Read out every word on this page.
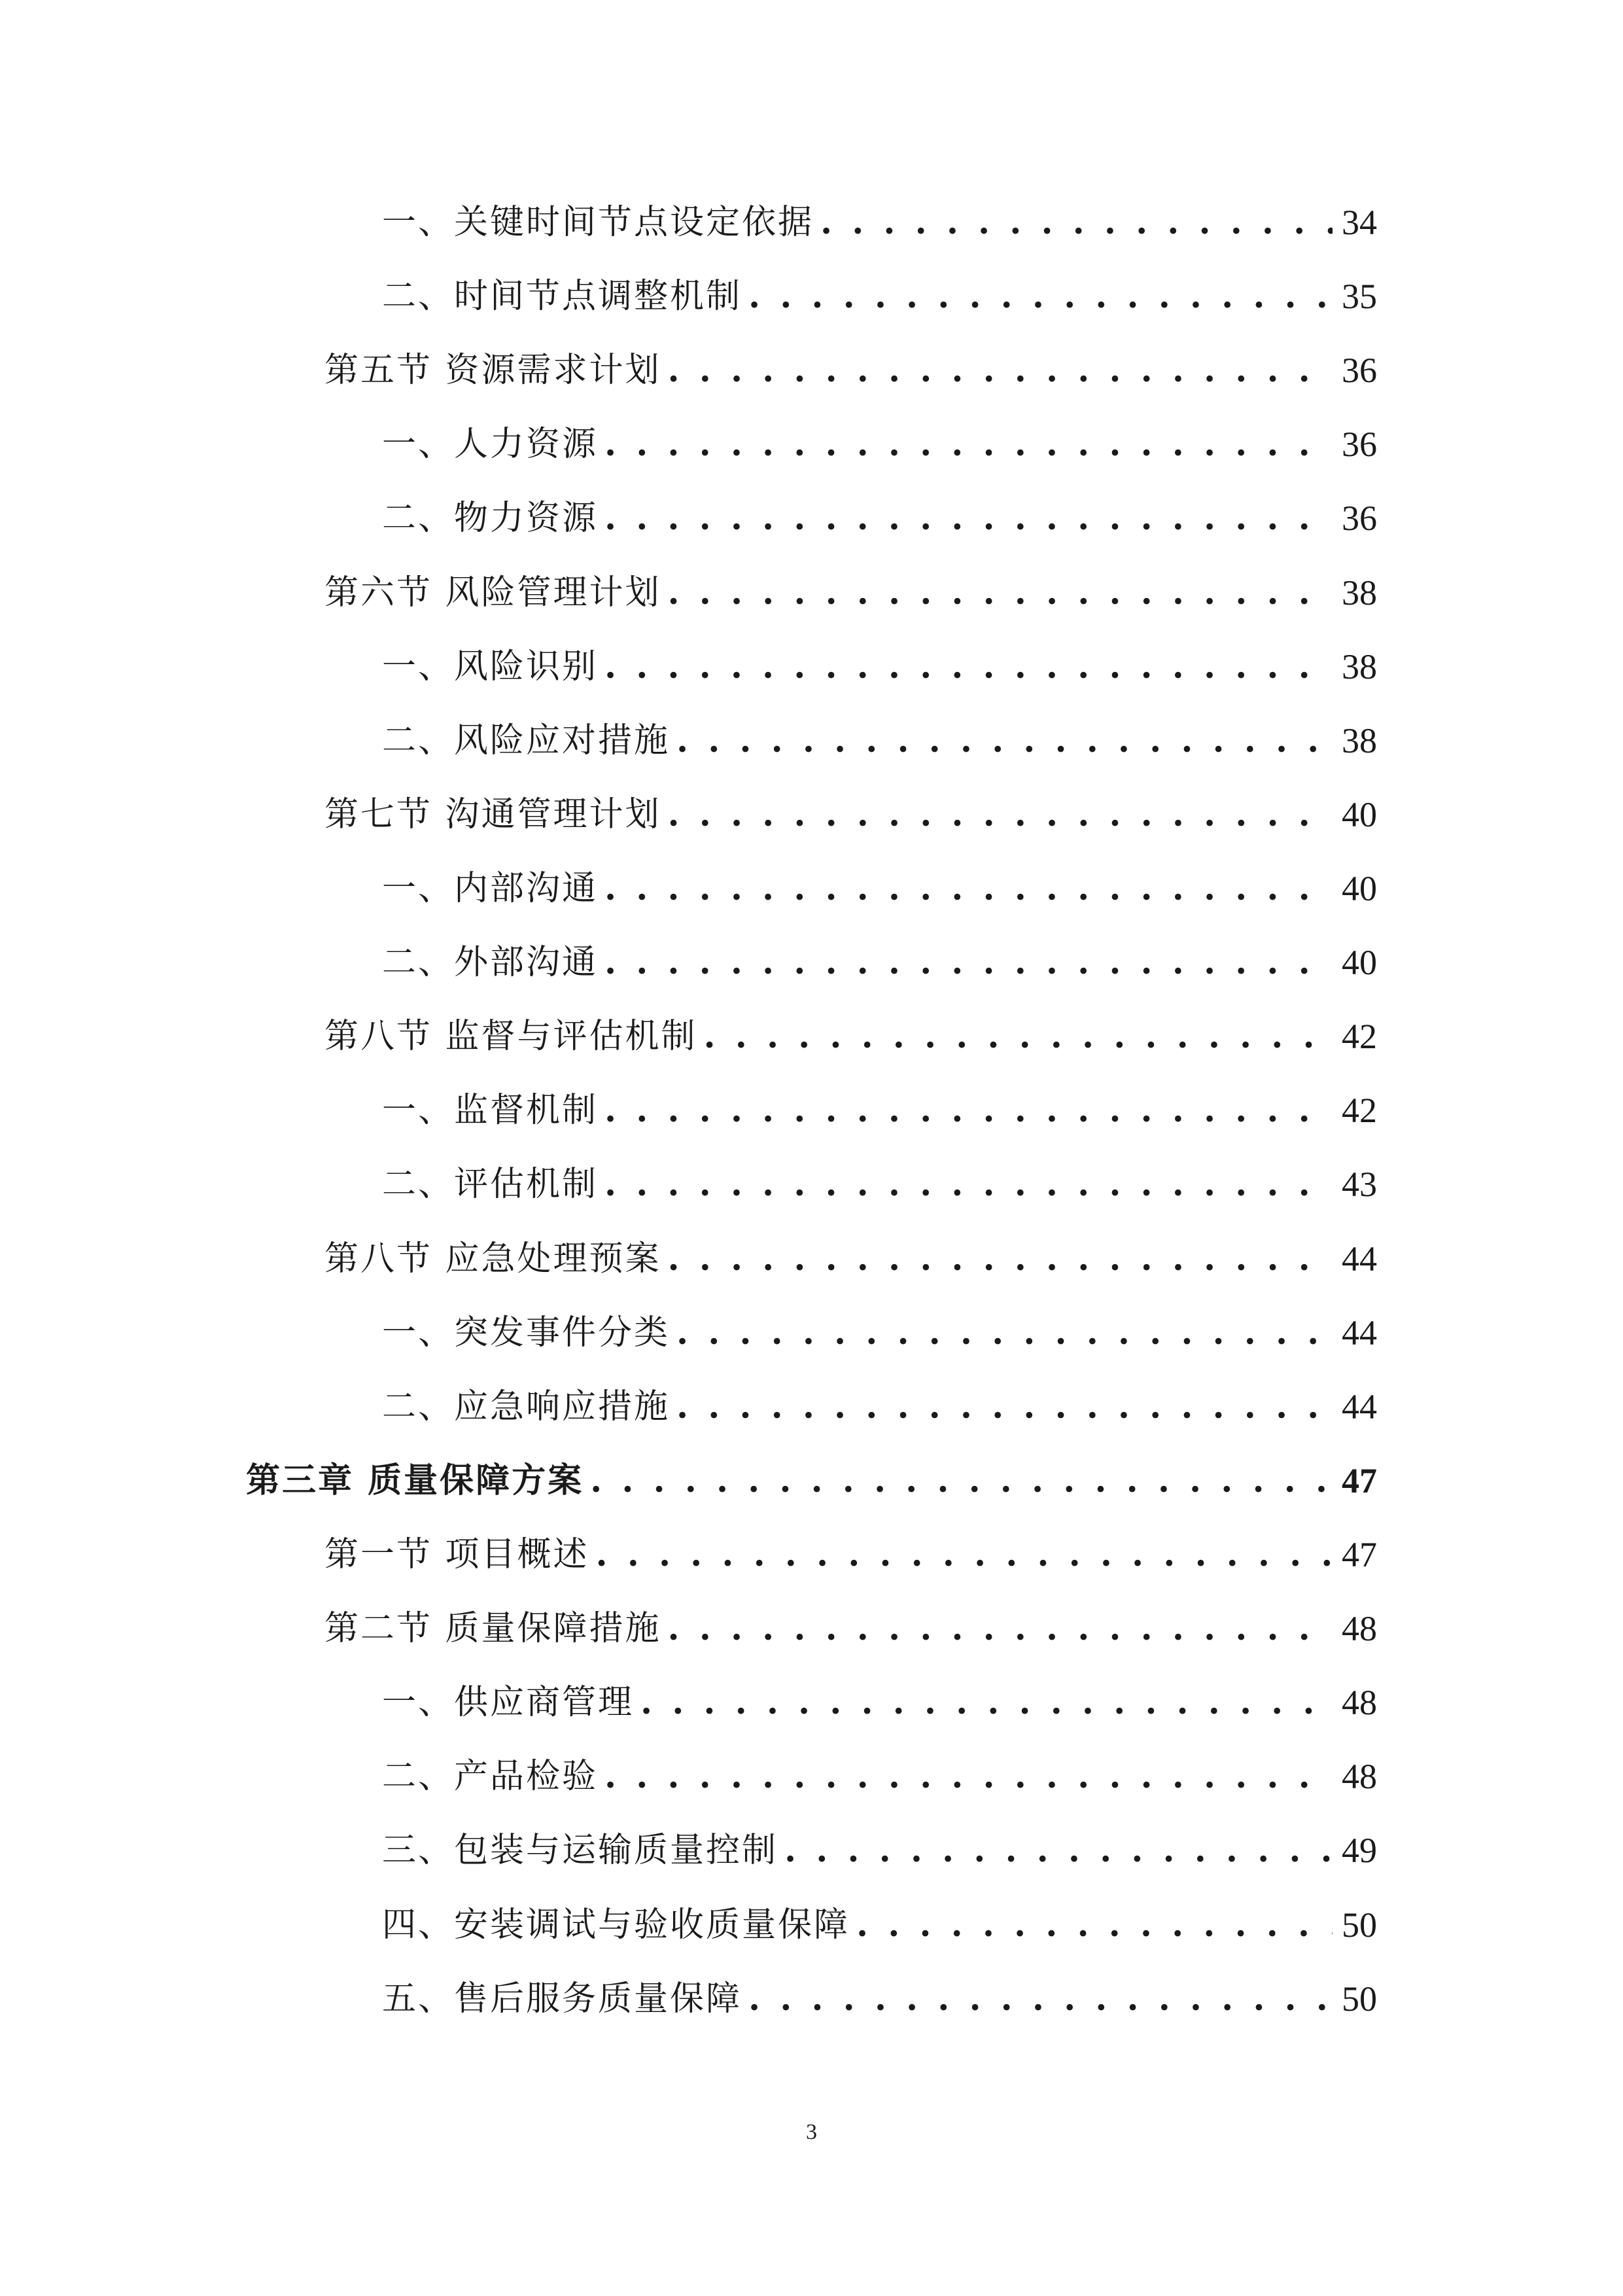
一、关键时间节点设定依据 . . .	34
二、时间节点调整机制 . . .	35
第五节 资源需求计划 . . .	36
一、人力资源 . . .	36
二、物力资源 . . .	36
第六节 风险管理计划 . . .	38
一、风险识别 . . .	38
二、风险应对措施 . . .	38
第七节 沟通管理计划 . . .	40
一、内部沟通 . . .	40
二、外部沟通 . . .	40
第八节 监督与评估机制 . . .	42
一、监督机制 . . .	42
二、评估机制 . . .	43
第八节 应急处理预案 . . .	44
一、突发事件分类 . . .	44
二、应急响应措施 . . .	44
第三章 质量保障方案 . . .	47
第一节 项目概述 . . .	47
第二节 质量保障措施 . . .	48
一、供应商管理 . . .	48
二、产品检验 . . .	48
三、包装与运输质量控制 . . .	49
四、安装调试与验收质量保障 . . .	50
五、售后服务质量保障 . . .	50
3
